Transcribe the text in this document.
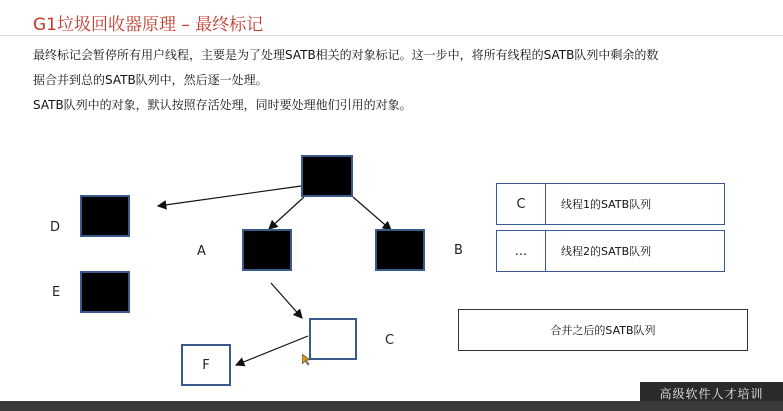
G1垃圾回收器原理 – 最终标记
最终标记会暂停所有用户线程，主要是为了处理SATB相关的对象标记。这一步中，将所有线程的SATB队列中剩余的数
据合并到总的SATB队列中，然后逐一处理。
SATB队列中的对象，默认按照存活处理，同时要处理他们引用的对象。
F
D
E
A	B
C
C	线程1的SATB队列
...	线程2的SATB队列
合并之后的SATB队列
高级软件人才培训
